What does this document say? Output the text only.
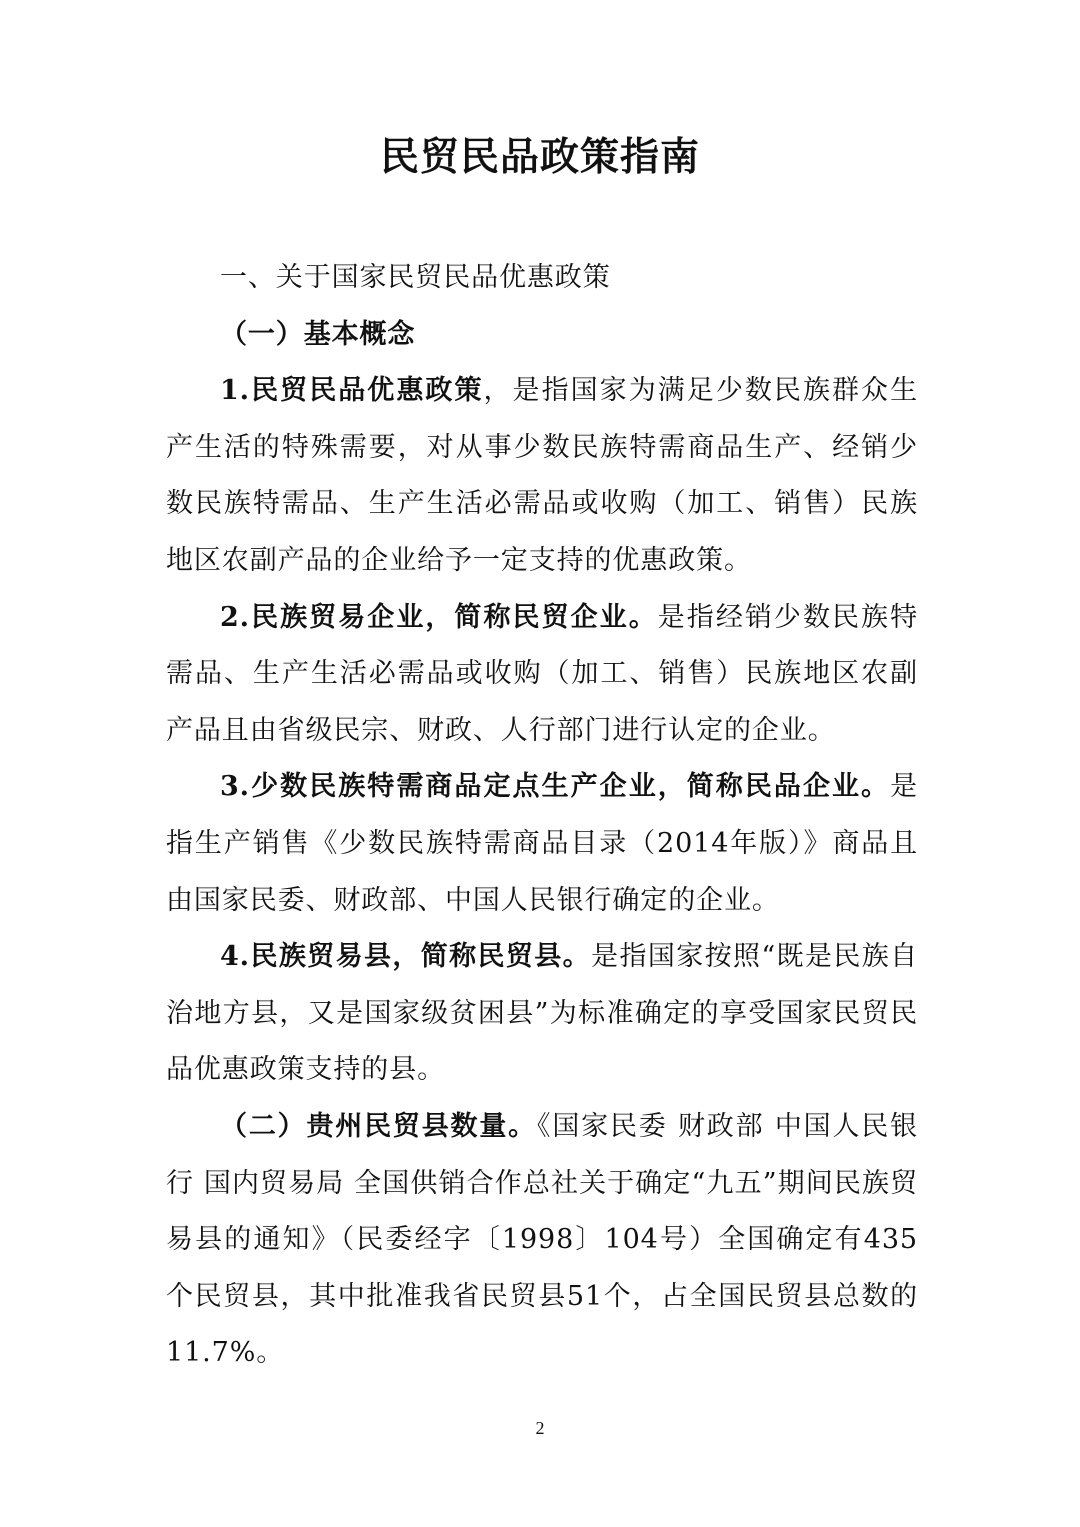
民贸民品政策指南

一、关于国家民贸民品优惠政策

（一）基本概念

1.民贸民品优惠政策，是指国家为满足少数民族群众生产生活的特殊需要，对从事少数民族特需商品生产、经销少数民族特需品、生产生活必需品或收购（加工、销售）民族地区农副产品的企业给予一定支持的优惠政策。

2.民族贸易企业，简称民贸企业。是指经销少数民族特需品、生产生活必需品或收购（加工、销售）民族地区农副产品且由省级民宗、财政、人行部门进行认定的企业。

3.少数民族特需商品定点生产企业，简称民品企业。是指生产销售《少数民族特需商品目录（2014年版）》商品且由国家民委、财政部、中国人民银行确定的企业。

4.民族贸易县，简称民贸县。是指国家按照“既是民族自治地方县，又是国家级贫困县”为标准确定的享受国家民贸民品优惠政策支持的县。

（二）贵州民贸县数量。《国家民委 财政部 中国人民银行 国内贸易局 全国供销合作总社关于确定“九五”期间民族贸易县的通知》（民委经字〔1998〕104号）全国确定有435个民贸县，其中批准我省民贸县51个，占全国民贸县总数的11.7%。

2
